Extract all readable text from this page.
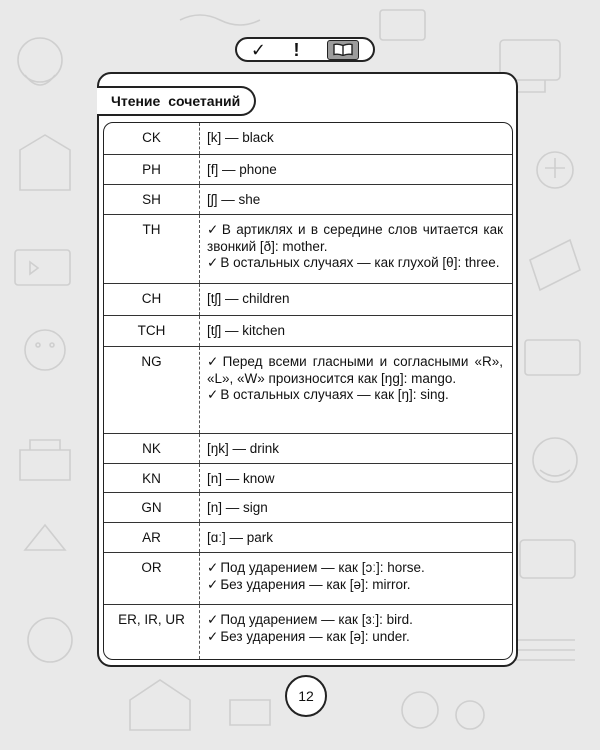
✓ !
Чтение сочетаний
CK	[k] — black
PH	[f] — phone
SH	[ʃ] — she
TH	✓ В артиклях и в середине слов читается как звонкий [ð]: mother.
✓ В остальных случаях — как глухой [θ]: three.
CH	[tʃ] — children
TCH	[tʃ] — kitchen
NG	✓ Перед всеми гласными и согласными «R», «L», «W» произносится как [ŋg]: mango.
✓ В остальных случаях — как [ŋ]: sing.
NK	[ŋk] — drink
KN	[n] — know
GN	[n] — sign
AR	[ɑː] — park
OR	✓ Под ударением — как [ɔː]: horse.
✓ Без ударения — как [ə]: mirror.
ER, IR, UR	✓ Под ударением — как [ɜː]: bird.
✓ Без ударения — как [ə]: under.
12
